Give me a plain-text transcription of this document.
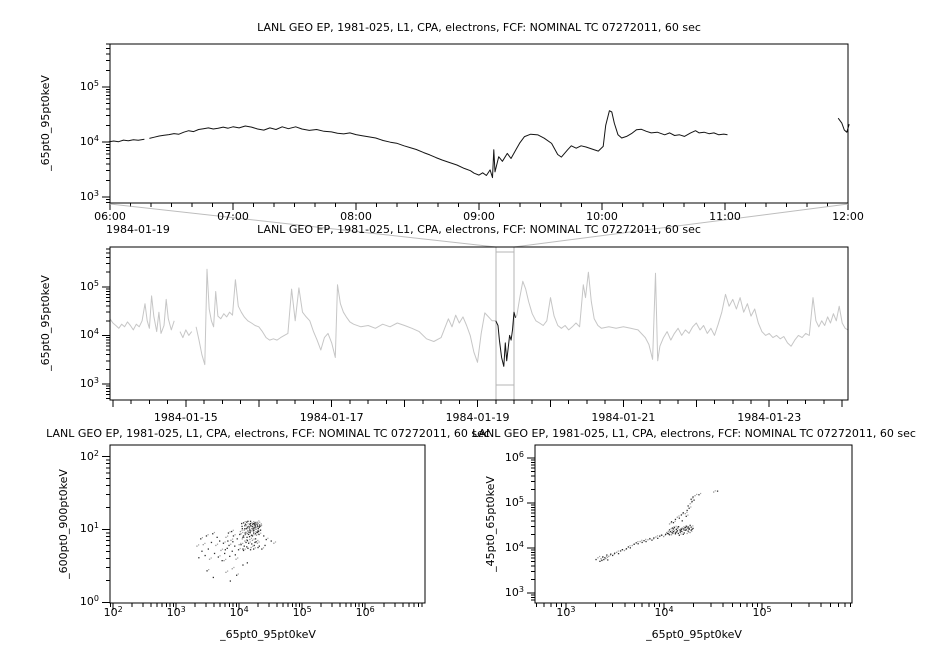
LANL GEO EP, 1981-025, L1, CPA, electrons, FCF: NOMINAL TC 07272011, 60 sec
1984-01-19	LANL GEO EP, 1981-025, L1, CPA, electrons, FCF: NOMINAL TC 07272011, 60 sec
LANL GEO EP, 1981-025, L1, CPA, electrons, FCF: NOMINAL TC 07272011, 60 sec
LANL GEO EP, 1981-025, L1, CPA, electrons, FCF: NOMINAL TC 07272011, 60 sec
_65pt0_95pt0keV
_65pt0_95pt0keV
_600pt0_900pt0keV	_45pt0_65pt0keV
_65pt0_95pt0keV	_65pt0_95pt0keV
06:00	07:00	08:00	09:00	10:00	11:00	12:00
$10^3$
$10^4$
$10^5$
1984-01-15	1984-01-17	1984-01-19	1984-01-21	1984-01-23
$10^3$
$10^4$
$10^5$
$10^2$	$10^3$	$10^4$	$10^5$	$10^6$
$10^0$
$10^1$
$10^2$
$10^3$	$10^4$	$10^5$
$10^3$
$10^4$
$10^5$
$10^6$
